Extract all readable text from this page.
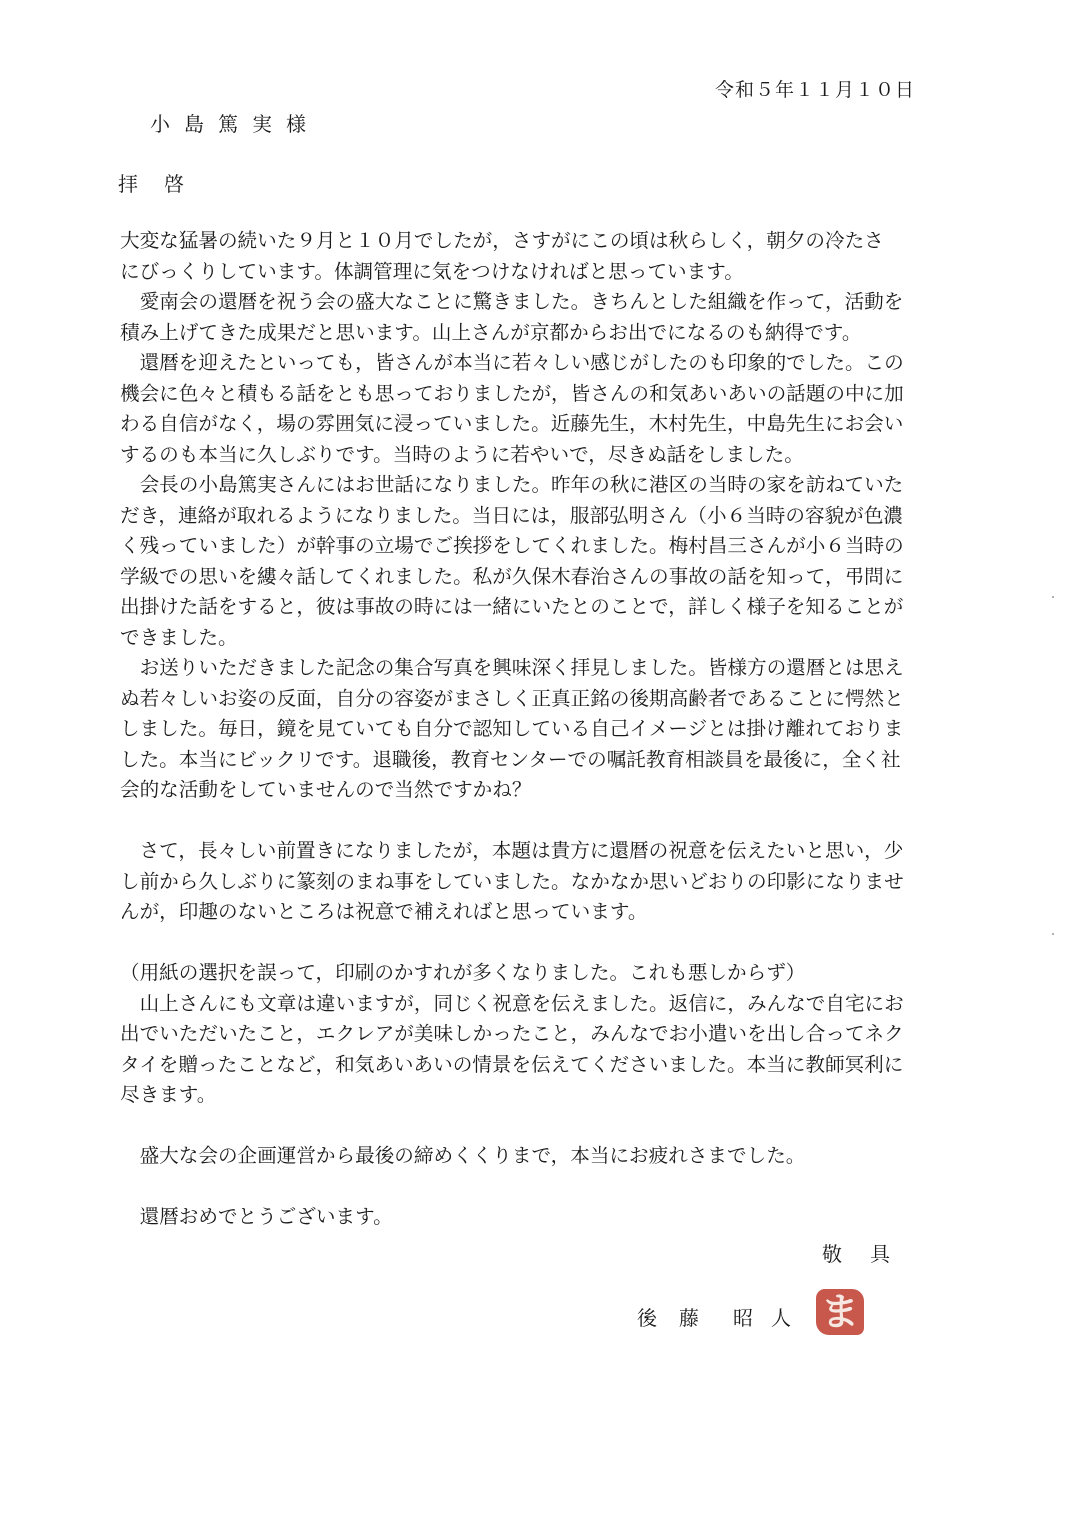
令和５年１１月１０日
小島篤実様
拝啓
大変な猛暑の続いた９月と１０月でしたが，さすがにこの頃は秋らしく，朝夕の冷たさ
にびっくりしています。体調管理に気をつけなければと思っています。
　愛南会の還暦を祝う会の盛大なことに驚きました。きちんとした組織を作って，活動を
積み上げてきた成果だと思います。山上さんが京都からお出でになるのも納得です。
　還暦を迎えたといっても，皆さんが本当に若々しい感じがしたのも印象的でした。この
機会に色々と積もる話をとも思っておりましたが，皆さんの和気あいあいの話題の中に加
わる自信がなく，場の雰囲気に浸っていました。近藤先生，木村先生，中島先生にお会い
するのも本当に久しぶりです。当時のように若やいで，尽きぬ話をしました。
　会長の小島篤実さんにはお世話になりました。昨年の秋に港区の当時の家を訪ねていた
だき，連絡が取れるようになりました。当日には，服部弘明さん（小６当時の容貌が色濃
く残っていました）が幹事の立場でご挨拶をしてくれました。梅村昌三さんが小６当時の
学級での思いを縷々話してくれました。私が久保木春治さんの事故の話を知って，弔問に
出掛けた話をすると，彼は事故の時には一緒にいたとのことで，詳しく様子を知ることが
できました。
　お送りいただきました記念の集合写真を興味深く拝見しました。皆様方の還暦とは思え
ぬ若々しいお姿の反面，自分の容姿がまさしく正真正銘の後期高齢者であることに愕然と
しました。毎日，鏡を見ていても自分で認知している自己イメージとは掛け離れておりま
した。本当にビックリです。退職後，教育センターでの嘱託教育相談員を最後に，全く社
会的な活動をしていませんので当然ですかね？
　さて，長々しい前置きになりましたが，本題は貴方に還暦の祝意を伝えたいと思い，少
し前から久しぶりに篆刻のまね事をしていました。なかなか思いどおりの印影になりませ
んが，印趣のないところは祝意で補えればと思っています。
（用紙の選択を誤って，印刷のかすれが多くなりました。これも悪しからず）
　山上さんにも文章は違いますが，同じく祝意を伝えました。返信に，みんなで自宅にお
出でいただいたこと，エクレアが美味しかったこと，みんなでお小遣いを出し合ってネク
タイを贈ったことなど，和気あいあいの情景を伝えてくださいました。本当に教師冥利に
尽きます。
　盛大な会の企画運営から最後の締めくくりまで，本当にお疲れさまでした。
　還暦おめでとうございます。
敬具
後藤 昭人 ま
